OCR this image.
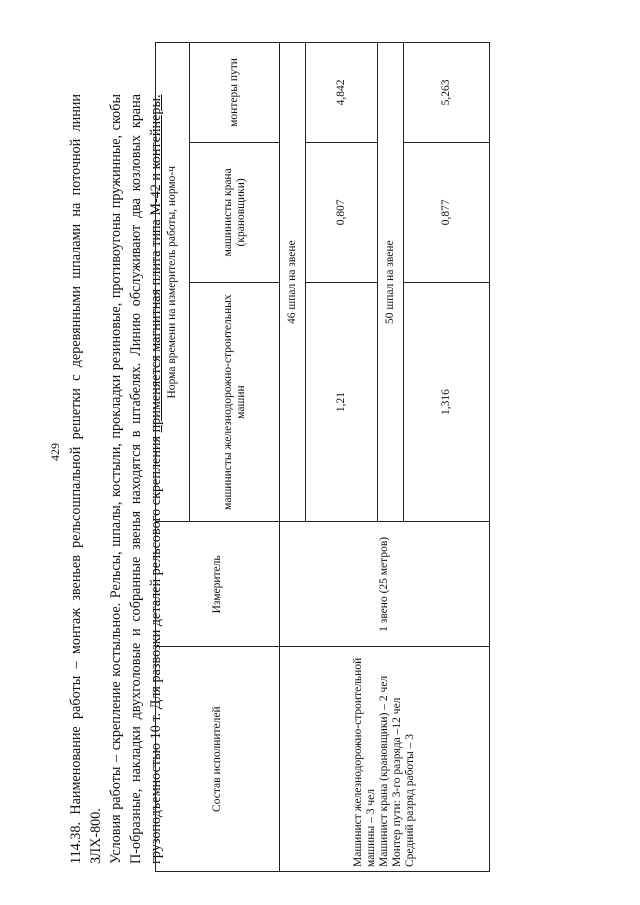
429 114.38. Наименование работы – монтаж звеньев рельсошпальной решетки с деревянными шпалами на поточной линии ЗЛХ-800. Условия работы – скрепление костыльное. Рельсы, шпалы, костыли, прокладки резиновые, противоугоны пружинные, скобы П-образные, накладки двухголовые и собранные звенья находятся в штабелях. Линию обслуживают два козловых крана грузоподъемностью 10 т. Для развозки деталей рельсового скрепления применяется магнитная плита типа М-42 и контейнеры.

Состав исполнителей	Измеритель	Норма времени на измеритель работы, нормо-ч		
		машинисты железнодорожно-строительных машин	машинисты крана (крановщики)	монтеры пути

Машинист железнодорожно-строительной машины – 3 чел Машинист крана (крановщики) – 2 чел Монтер пути: 3-го разряда –12 чел Средний разряд работы – 3	1 звено (25 метров)	46 шпал на звене		
		1,21	0,807	4,842
		50 шпал на звене		
		1,316	0,877	5,263
